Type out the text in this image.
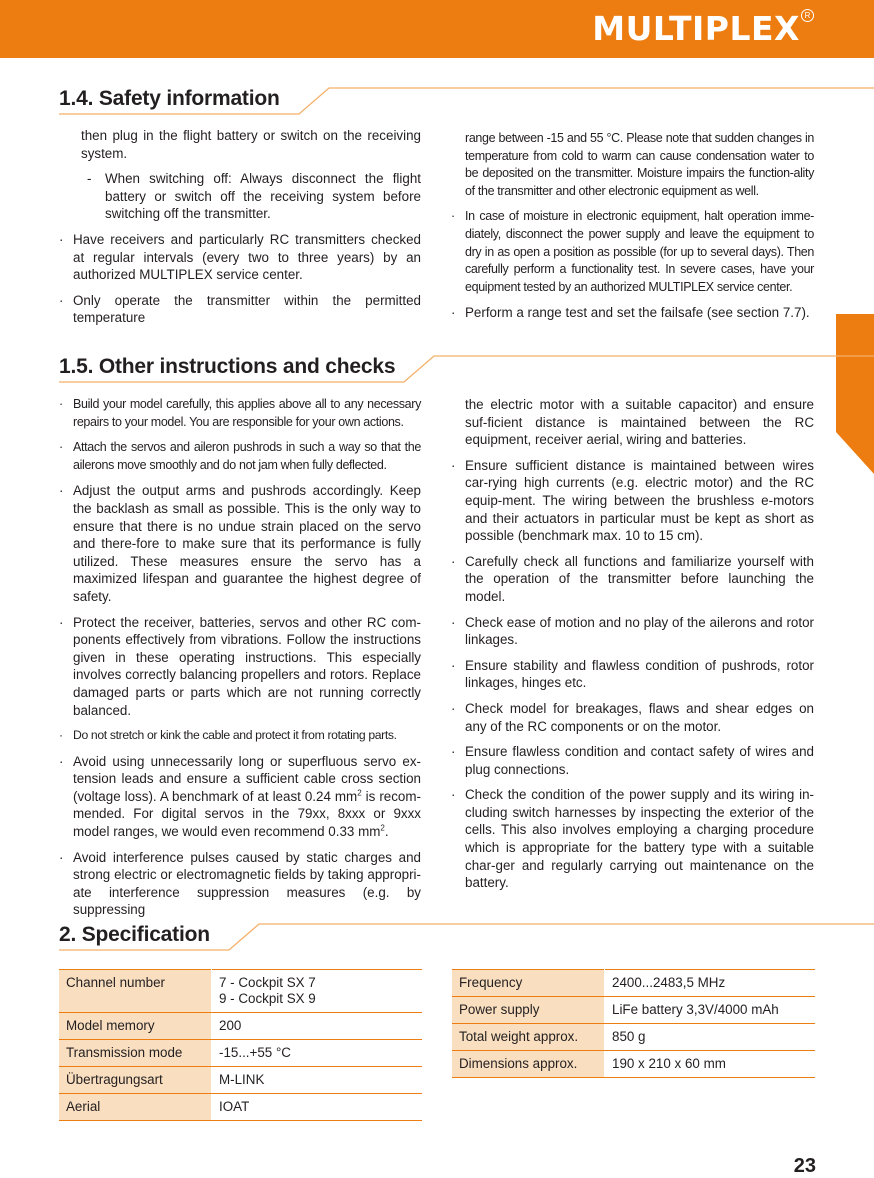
MULTIPLEX R
GB
1.4. Safety information

then plug in the flight battery or switch on the receiving system.

- When switching off: Always disconnect the flight battery or switch off the receiving system before switching off the transmitter.

· Have receivers and particularly RC transmitters checked at regular intervals (every two to three years) by an authorized MULTIPLEX service center.

· Only operate the transmitter within the permitted temperature

range between -15 and 55 °C. Please note that sudden changes in temperature from cold to warm can cause condensation water to be deposited on the transmitter. Moisture impairs the function-ality of the transmitter and other electronic equipment as well.

· In case of moisture in electronic equipment, halt operation imme-diately, disconnect the power supply and leave the equipment to dry in as open a position as possible (for up to several days). Then carefully perform a functionality test. In severe cases, have your equipment tested by an authorized MULTIPLEX service center.

· Perform a range test and set the failsafe (see section 7.7).

1.5. Other instructions and checks

· Build your model carefully, this applies above all to any necessary repairs to your model. You are responsible for your own actions.

· Attach the servos and aileron pushrods in such a way so that the ailerons move smoothly and do not jam when fully deflected.

· Adjust the output arms and pushrods accordingly. Keep the backlash as small as possible. This is the only way to ensure that there is no undue strain placed on the servo and there-fore to make sure that its performance is fully utilized. These measures ensure the servo has a maximized lifespan and guarantee the highest degree of safety.

· Protect the receiver, batteries, servos and other RC com-ponents effectively from vibrations. Follow the instructions given in these operating instructions. This especially involves correctly balancing propellers and rotors. Replace damaged parts or parts which are not running correctly balanced.

· Do not stretch or kink the cable and protect it from rotating parts.

· Avoid using unnecessarily long or superfluous servo ex-tension leads and ensure a sufficient cable cross section (voltage loss). A benchmark of at least 0.24 $mm^2$ is recom-mended. For digital servos in the 79xx, 8xxx or 9xxx model ranges, we would even recommend 0.33 $mm^2$.

· Avoid interference pulses caused by static charges and strong electric or electromagnetic fields by taking appropri-ate interference suppression measures (e.g. by suppressing

the electric motor with a suitable capacitor) and ensure suf-ficient distance is maintained between the RC equipment, receiver aerial, wiring and batteries.

· Ensure sufficient distance is maintained between wires car-rying high currents (e.g. electric motor) and the RC equip-ment. The wiring between the brushless e-motors and their actuators in particular must be kept as short as possible (benchmark max. 10 to 15 cm).

· Carefully check all functions and familiarize yourself with the operation of the transmitter before launching the model.

· Check ease of motion and no play of the ailerons and rotor linkages.

· Ensure stability and flawless condition of pushrods, rotor linkages, hinges etc.

· Check model for breakages, flaws and shear edges on any of the RC components or on the motor.

· Ensure flawless condition and contact safety of wires and plug connections.

· Check the condition of the power supply and its wiring in-cluding switch harnesses by inspecting the exterior of the cells. This also involves employing a charging procedure which is appropriate for the battery type with a suitable char-ger and regularly carrying out maintenance on the battery.

2. Specification
Channel number	7 - Cockpit SX 7
9 - Cockpit SX 9

Model memory	200
Transmission mode	-15...+55 °C
Übertragungsart	M-LINK
Aerial	IOAT
Frequency	2400...2483,5 MHz
Power supply	LiFe battery 3,3V/4000 mAh
Total weight approx.	850 g
Dimensions approx.	190 x 210 x 60 mm
23
